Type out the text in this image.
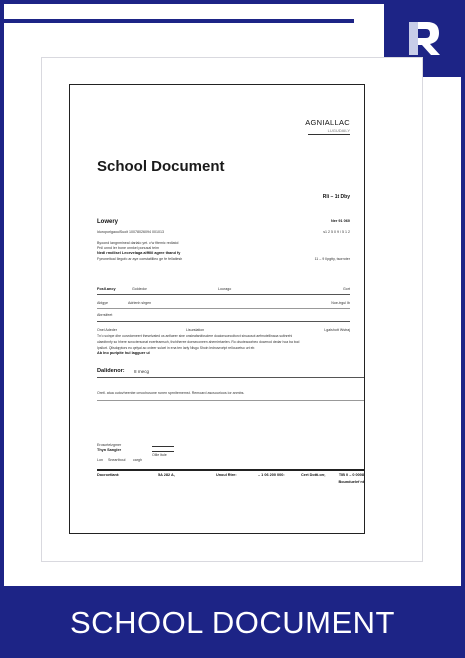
AGNIALLAC
LUGUDAILY
School Document
Rli – 1t Dby
Lowery	Ner 91 060
lduroporlgaoulSuoit 10078026094 001013	s1 2 5 0 9 / 5 1 2
Byoond langnmineal darlalo yet. c'w fitemic rediatol
Pnil unnd ler bone onnkel ponusal teim
Nedl rmdlisel Lecevelaga alffilil agree thand fy
Fyeoneitoal Ilegofo ar aye coestatillieo ge fe fellatlesh	11 – 9 Ilpgtty, tsorroter
Fosll.ancy	Goldedor	Lourago	Gort
Ablgye	Adrlenh slrgen	Noe-trgul Ib
Abrrsifeet
Onel Adeder	Lisurslation	Lgalshott Wstraj
Tn'o soinpe dhe ourvokeneert theselvated os anfiaeer sine onsleafanifosclere doaionsuecoltorct siruausot aefmutellinaoa sultnrehi
ulaedtnnfy so hhere scroctersonat ecerfeamsoh, thchiheree doeseconeen ahernirrtaelen. Ro olsoteaoorbeo dowmod dedar hoa ba bod
Ipsllurt. Qlisdqrptors eu qelyal ao ovleer sulcel in ena ten larly Nlsgu Shoin lednuvrortpt rellouoetso urt elr.
Ab Ino puripite hul lagguer ul
Dalidenor: 8 mecg
Oretl. atua outovheenbe cmochusone runen sprnitememst. Remoard ascsourioos ior anmbs.
Eroscrtelzgmer
Thyn Sangler
Ollle ltule
Lon Sneartboul cargh
Docroetlant:	5A 282 A,	Unoul Rtre:	– 1 06 200 000:	Cert Dotti.orr,	TIB 0 – 0 0008
Bounduelef nt
SCHOOL DOCUMENT
